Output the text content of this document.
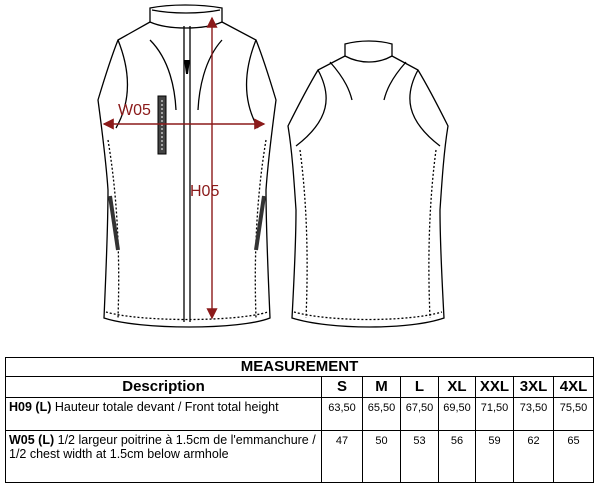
W05
H05
MEASUREMENT							
Description	S	M	L	XL	XXL	3XL	4XL
H09 (L) Hauteur totale devant / Front total height	63,50	65,50	67,50	69,50	71,50	73,50	75,50
W05 (L) 1/2 largeur poitrine à 1.5cm de l'emmanchure / 1/2 chest width at 1.5cm below armhole	47	50	53	56	59	62	65
